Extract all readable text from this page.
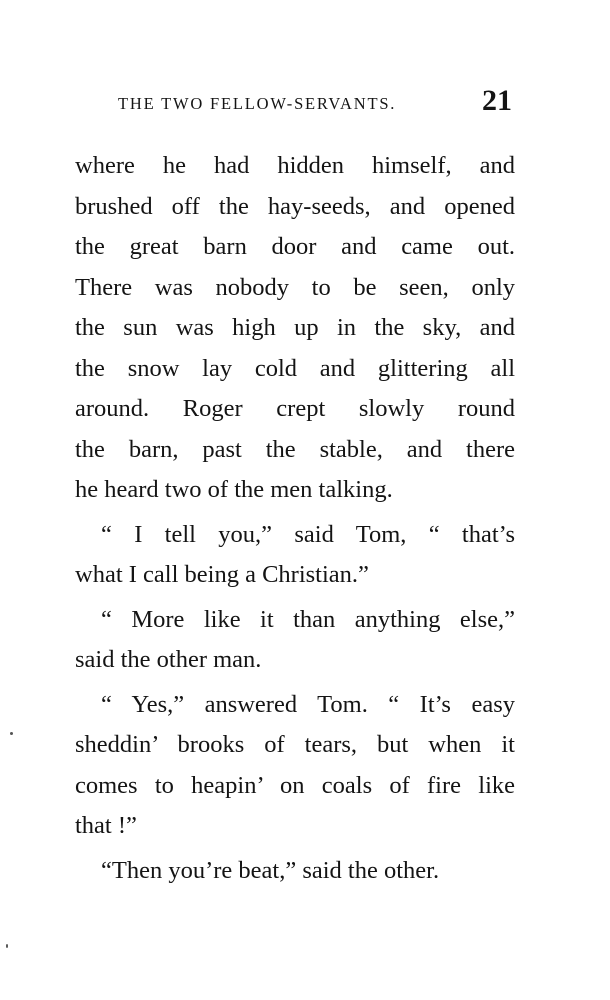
THE TWO FELLOW-SERVANTS.	21
where he had hidden himself, and
brushed off the hay-seeds, and opened
the great barn door and came out.
There was nobody to be seen, only
the sun was high up in the sky, and
the snow lay cold and glittering all
around. Roger crept slowly round
the barn, past the stable, and there
he heard two of the men talking.
“ I tell you,” said Tom, “ that’s
what I call being a Christian.”
“ More like it than anything else,”
said the other man.
“ Yes,” answered Tom. “ It’s easy
sheddin’ brooks of tears, but when it
comes to heapin’ on coals of fire like
that !”
“Then you’re beat,” said the other.
